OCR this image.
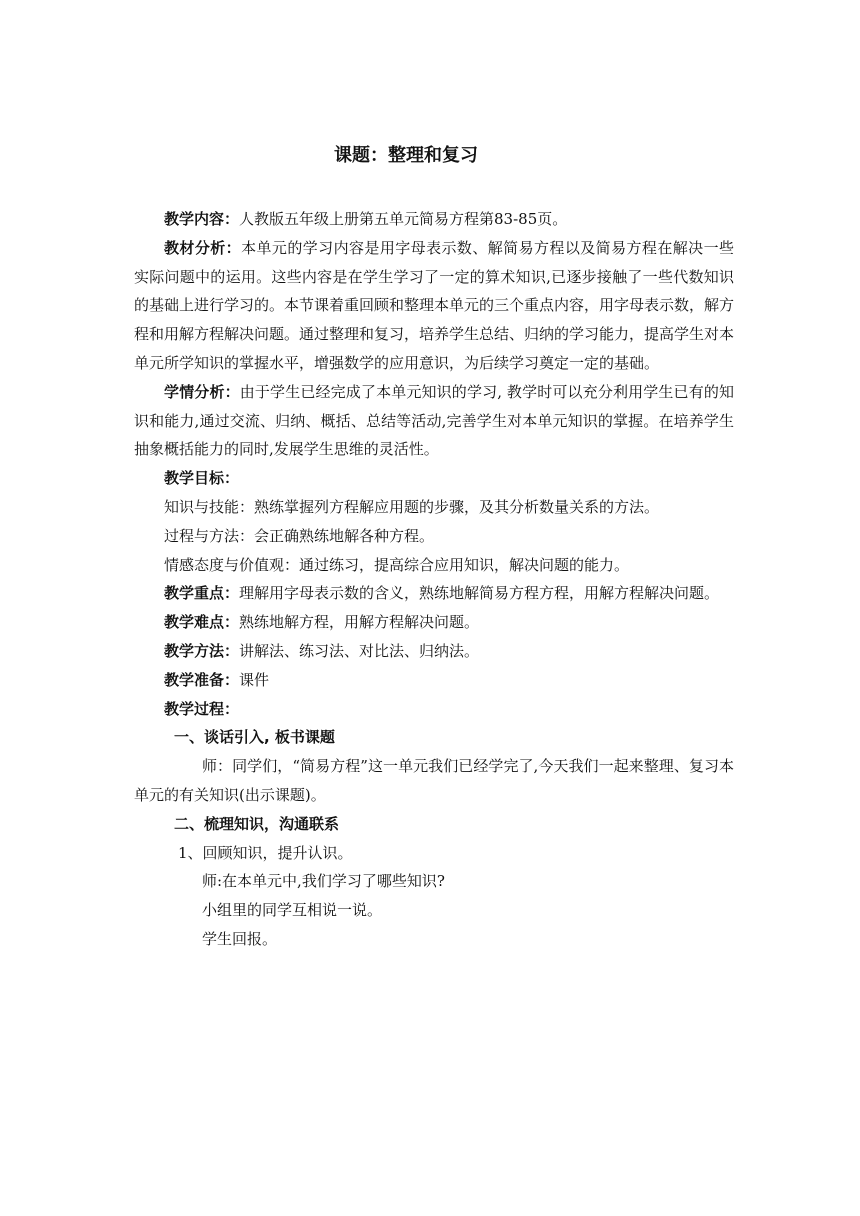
课题：整理和复习

教学内容：人教版五年级上册第五单元简易方程第83-85页。

教材分析：本单元的学习内容是用字母表示数、解简易方程以及简易方程在解决一些实际问题中的运用。这些内容是在学生学习了一定的算术知识,已逐步接触了一些代数知识的基础上进行学习的。本节课着重回顾和整理本单元的三个重点内容，用字母表示数，解方程和用解方程解决问题。通过整理和复习，培养学生总结、归纳的学习能力，提高学生对本单元所学知识的掌握水平，增强数学的应用意识，为后续学习奠定一定的基础。

学情分析：由于学生已经完成了本单元知识的学习, 教学时可以充分利用学生已有的知识和能力,通过交流、归纳、概括、总结等活动,完善学生对本单元知识的掌握。在培养学生抽象概括能力的同时,发展学生思维的灵活性。

教学目标：

知识与技能：熟练掌握列方程解应用题的步骤，及其分析数量关系的方法。

过程与方法：会正确熟练地解各种方程。

情感态度与价值观：通过练习，提高综合应用知识，解决问题的能力。

教学重点：理解用字母表示数的含义，熟练地解简易方程方程，用解方程解决问题。

教学难点：熟练地解方程，用解方程解决问题。

教学方法：讲解法、练习法、对比法、归纳法。

教学准备：课件

教学过程：

一、谈话引入, 板书课题

师：同学们，“简易方程”这一单元我们已经学完了,今天我们一起来整理、复习本单元的有关知识(出示课题)。

二、梳理知识，沟通联系

1、回顾知识，提升认识。

师:在本单元中,我们学习了哪些知识?

小组里的同学互相说一说。

学生回报。
